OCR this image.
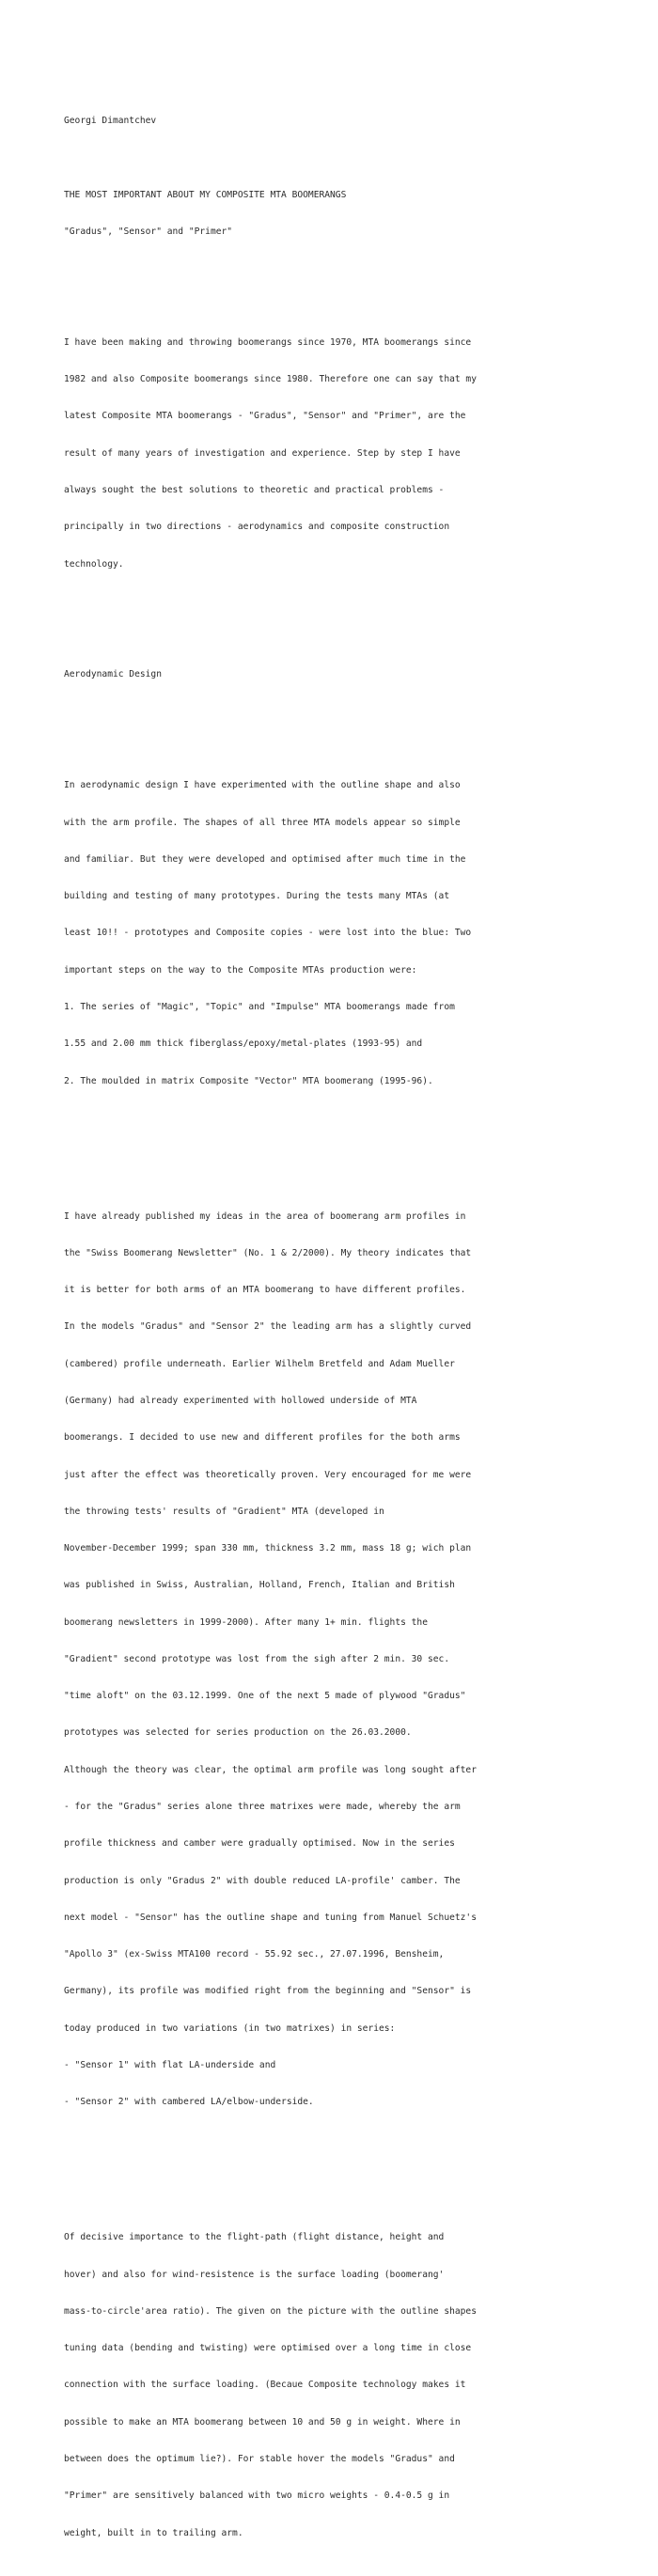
Georgi Dimantchev

THE MOST IMPORTANT ABOUT MY COMPOSITE MTA BOOMERANGS

"Gradus", "Sensor" and "Primer"

I have been making and throwing boomerangs since 1970, MTA boomerangs since

1982 and also Composite boomerangs since 1980. Therefore one can say that my

latest Composite MTA boomerangs - "Gradus", "Sensor" and "Primer", are the

result of many years of investigation and experience. Step by step I have

always sought the best solutions to theoretic and practical problems -

principally in two directions - aerodynamics and composite construction

technology.

Aerodynamic Design

In aerodynamic design I have experimented with the outline shape and also

with the arm profile. The shapes of all three MTA models appear so simple

and familiar. But they were developed and optimised after much time in the

building and testing of many prototypes. During the tests many MTAs (at

least 10!! - prototypes and Composite copies - were lost into the blue: Two

important steps on the way to the Composite MTAs production were:

1. The series of "Magic", "Topic" and "Impulse" MTA boomerangs made from

1.55 and 2.00 mm thick fiberglass/epoxy/metal-plates (1993-95) and

2. The moulded in matrix Composite "Vector" MTA boomerang (1995-96).

I have already published my ideas in the area of boomerang arm profiles in

the "Swiss Boomerang Newsletter" (No. 1 & 2/2000). My theory indicates that

it is better for both arms of an MTA boomerang to have different profiles.

In the models "Gradus" and "Sensor 2" the leading arm has a slightly curved

(cambered) profile underneath. Earlier Wilhelm Bretfeld and Adam Mueller

(Germany) had already experimented with hollowed underside of MTA

boomerangs. I decided to use new and different profiles for the both arms

just after the effect was theoretically proven. Very encouraged for me were

the throwing tests' results of "Gradient" MTA (developed in

November-December 1999; span 330 mm, thickness 3.2 mm, mass 18 g; wich plan

was published in Swiss, Australian, Holland, French, Italian and British

boomerang newsletters in 1999-2000). After many 1+ min. flights the

"Gradient" second prototype was lost from the sigh after 2 min. 30 sec.

"time aloft" on the 03.12.1999. One of the next 5 made of plywood "Gradus"

prototypes was selected for series production on the 26.03.2000.

Although the theory was clear, the optimal arm profile was long sought after

- for the "Gradus" series alone three matrixes were made, whereby the arm

profile thickness and camber were gradually optimised. Now in the series

production is only "Gradus 2" with double reduced LA-profile' camber. The

next model - "Sensor" has the outline shape and tuning from Manuel Schuetz's

"Apollo 3" (ex-Swiss MTA100 record - 55.92 sec., 27.07.1996, Bensheim,

Germany), its profile was modified right from the beginning and "Sensor" is

today produced in two variations (in two matrixes) in series:

- "Sensor 1" with flat LA-underside and

- "Sensor 2" with cambered LA/elbow-underside.

Of decisive importance to the flight-path (flight distance, height and

hover) and also for wind-resistence is the surface loading (boomerang'

mass-to-circle'area ratio). The given on the picture with the outline shapes

tuning data (bending and twisting) were optimised over a long time in close

connection with the surface loading. (Becaue Composite technology makes it

possible to make an MTA boomerang between 10 and 50 g in weight. Where in

between does the optimum lie?). For stable hover the models "Gradus" and

"Primer" are sensitively balanced with two micro weights - 0.4-0.5 g in

weight, built in to trailing arm.
